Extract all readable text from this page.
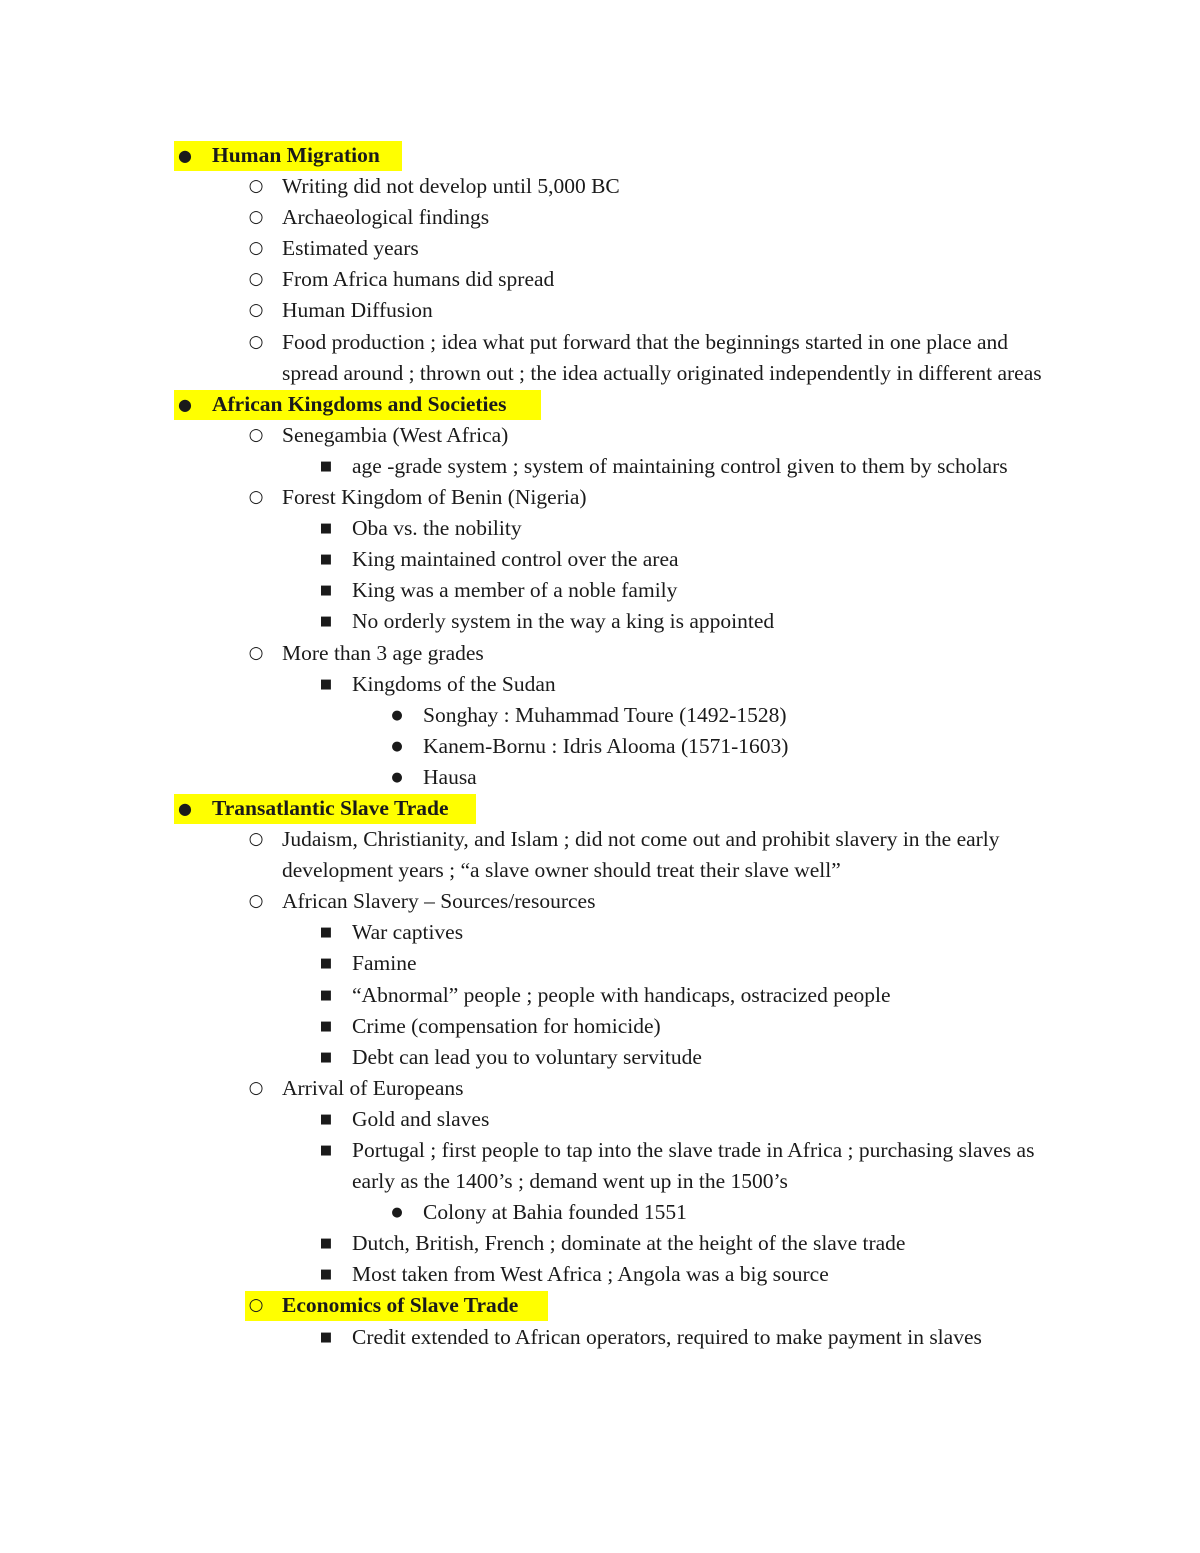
● Human Migration
○ Writing did not develop until 5,000 BC
○ Archaeological findings
○ Estimated years
○ From Africa humans did spread
○ Human Diffusion
○ Food production ; idea what put forward that the beginnings started in one place and spread around ; thrown out ; the idea actually originated independently in different areas
● African Kingdoms and Societies
○ Senegambia (West Africa)
■ age -grade system ; system of maintaining control given to them by scholars
○ Forest Kingdom of Benin (Nigeria)
■ Oba vs. the nobility
■ King maintained control over the area
■ King was a member of a noble family
■ No orderly system in the way a king is appointed
○ More than 3 age grades
■ Kingdoms of the Sudan
● Songhay : Muhammad Toure (1492-1528)
● Kanem-Bornu : Idris Alooma (1571-1603)
● Hausa
● Transatlantic Slave Trade
○ Judaism, Christianity, and Islam ; did not come out and prohibit slavery in the early development years ; “a slave owner should treat their slave well”
○ African Slavery – Sources/resources
■ War captives
■ Famine
■ “Abnormal” people ; people with handicaps, ostracized people
■ Crime (compensation for homicide)
■ Debt can lead you to voluntary servitude
○ Arrival of Europeans
■ Gold and slaves
■ Portugal ; first people to tap into the slave trade in Africa ; purchasing slaves as early as the 1400’s ; demand went up in the 1500’s
● Colony at Bahia founded 1551
■ Dutch, British, French ; dominate at the height of the slave trade
■ Most taken from West Africa ; Angola was a big source
○ Economics of Slave Trade
■ Credit extended to African operators, required to make payment in slaves
